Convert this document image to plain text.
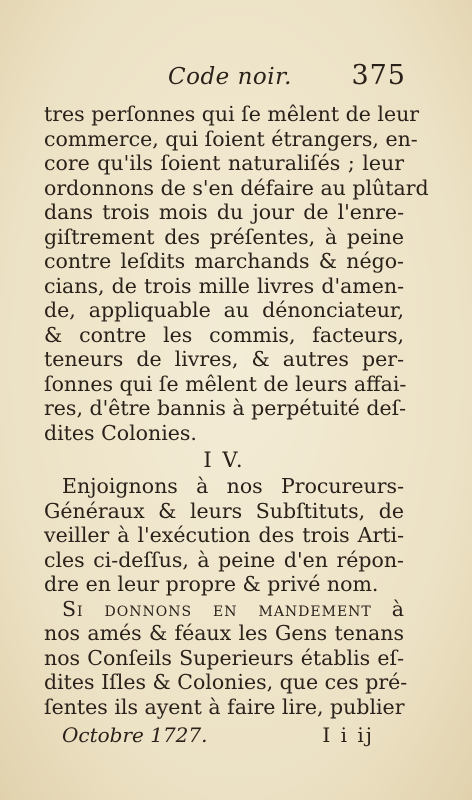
Code noir. 375
tres perſonnes qui ſe mêlent de leur
commerce, qui ſoient étrangers, en-
core qu'ils ſoient naturaliſés ; leur
ordonnons de s'en défaire au plûtard
dans trois mois du jour de l'enre-
giſtrement des préſentes, à peine
contre leſdits marchands & négo-
cians, de trois mille livres d'amen-
de, appliquable au dénonciateur,
& contre les commis, facteurs,
teneurs de livres, & autres per-
ſonnes qui ſe mêlent de leurs affai-
res, d'être bannis à perpétuité deſ-
dites Colonies.
I V.
Enjoignons à nos Procureurs-
Généraux & leurs Subſtituts, de
veiller à l'exécution des trois Arti-
cles ci-deſſus, à peine d'en répon-
dre en leur propre & privé nom.
Si donnons en mandement à
nos amés & féaux les Gens tenans
nos Conſeils Superieurs établis eſ-
dites Iſles & Colonies, que ces pré-
ſentes ils ayent à faire lire, publier
Octobre 1727.	I i ij
